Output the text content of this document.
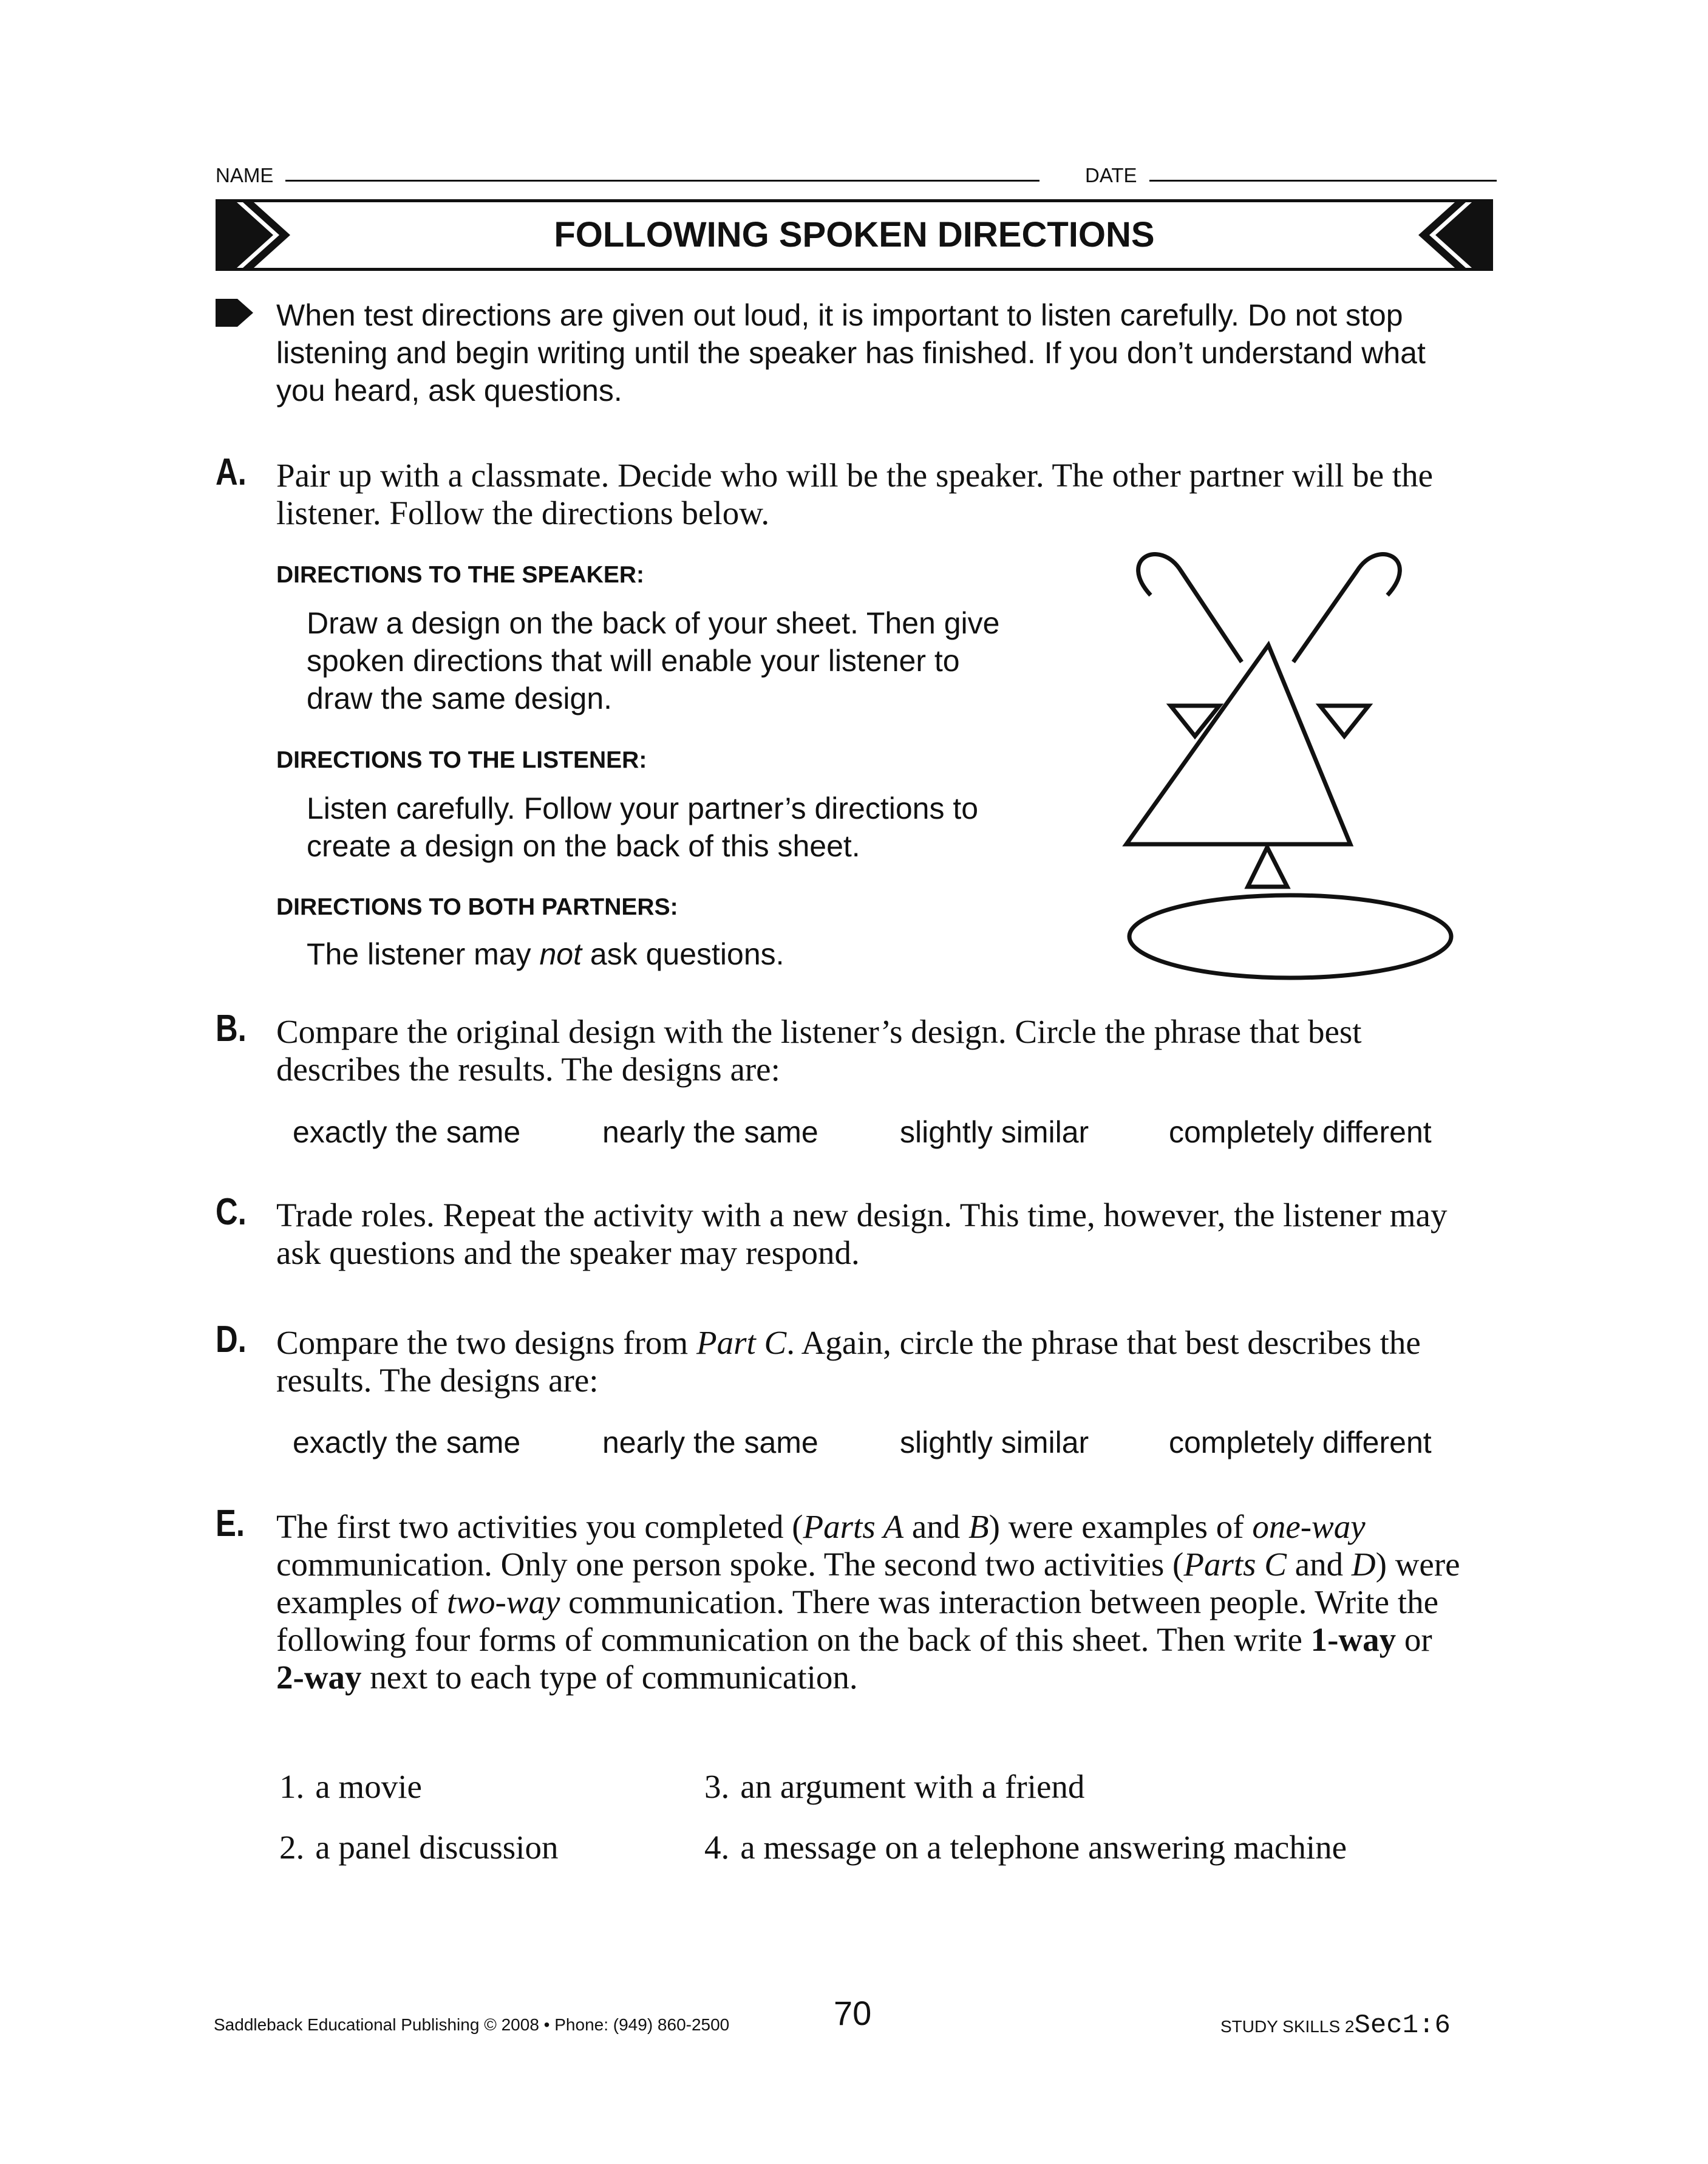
NAME	DATE
FOLLOWING SPOKEN DIRECTIONS
When test directions are given out loud, it is important to listen carefully. Do not stop listening and begin writing until the speaker has finished. If you don’t understand what you heard, ask questions.
A. Pair up with a classmate. Decide who will be the speaker. The other partner will be the listener. Follow the directions below.
DIRECTIONS TO THE SPEAKER:
Draw a design on the back of your sheet. Then give spoken directions that will enable your listener to draw the same design.
DIRECTIONS TO THE LISTENER:
Listen carefully. Follow your partner’s directions to create a design on the back of this sheet.
DIRECTIONS TO BOTH PARTNERS:
The listener may not ask questions.
B. Compare the original design with the listener’s design. Circle the phrase that best describes the results. The designs are:
exactly the same	nearly the same	slightly similar	completely different
C. Trade roles. Repeat the activity with a new design. This time, however, the listener may ask questions and the speaker may respond.
D. Compare the two designs from Part C. Again, circle the phrase that best describes the results. The designs are:
exactly the same	nearly the same	slightly similar	completely different
E. The first two activities you completed (Parts A and B) were examples of one-way communication. Only one person spoke. The second two activities (Parts C and D) were examples of two-way communication. There was interaction between people. Write the following four forms of communication on the back of this sheet. Then write 1-way or 2-way next to each type of communication.
1. a movie
2. a panel discussion
3. an argument with a friend
4. a message on a telephone answering machine
Saddleback Educational Publishing © 2008 • Phone: (949) 860-2500	70	STUDY SKILLS 2Sec1:6
